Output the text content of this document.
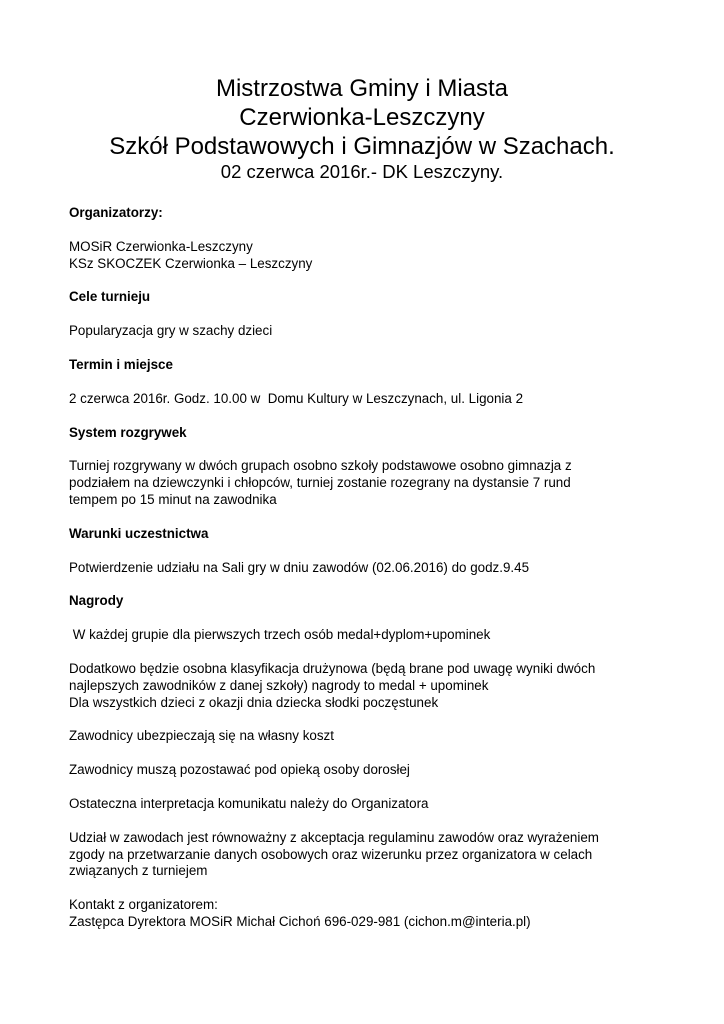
Mistrzostwa Gminy i Miasta
Czerwionka-Leszczyny
Szkół Podstawowych i Gimnazjów w Szachach.
02 czerwca 2016r.- DK Leszczyny.

Organizatorzy:

MOSiR Czerwionka-Leszczyny

KSz SKOCZEK Czerwionka – Leszczyny

Cele turnieju

Popularyzacja gry w szachy dzieci

Termin i miejsce

2 czerwca 2016r. Godz. 10.00 w  Domu Kultury w Leszczynach, ul. Ligonia 2

System rozgrywek

Turniej rozgrywany w dwóch grupach osobno szkoły podstawowe osobno gimnazja z

podziałem na dziewczynki i chłopców, turniej zostanie rozegrany na dystansie 7 rund

tempem po 15 minut na zawodnika

Warunki uczestnictwa

Potwierdzenie udziału na Sali gry w dniu zawodów (02.06.2016) do godz.9.45

Nagrody

W każdej grupie dla pierwszych trzech osób medal+dyplom+upominek

Dodatkowo będzie osobna klasyfikacja drużynowa (będą brane pod uwagę wyniki dwóch

najlepszych zawodników z danej szkoły) nagrody to medal + upominek

Dla wszystkich dzieci z okazji dnia dziecka słodki poczęstunek

Zawodnicy ubezpieczają się na własny koszt

Zawodnicy muszą pozostawać pod opieką osoby dorosłej

Ostateczna interpretacja komunikatu należy do Organizatora

Udział w zawodach jest równoważny z akceptacja regulaminu zawodów oraz wyrażeniem

zgody na przetwarzanie danych osobowych oraz wizerunku przez organizatora w celach

związanych z turniejem

Kontakt z organizatorem:

Zastępca Dyrektora MOSiR Michał Cichoń 696-029-981 (cichon.m@interia.pl)
